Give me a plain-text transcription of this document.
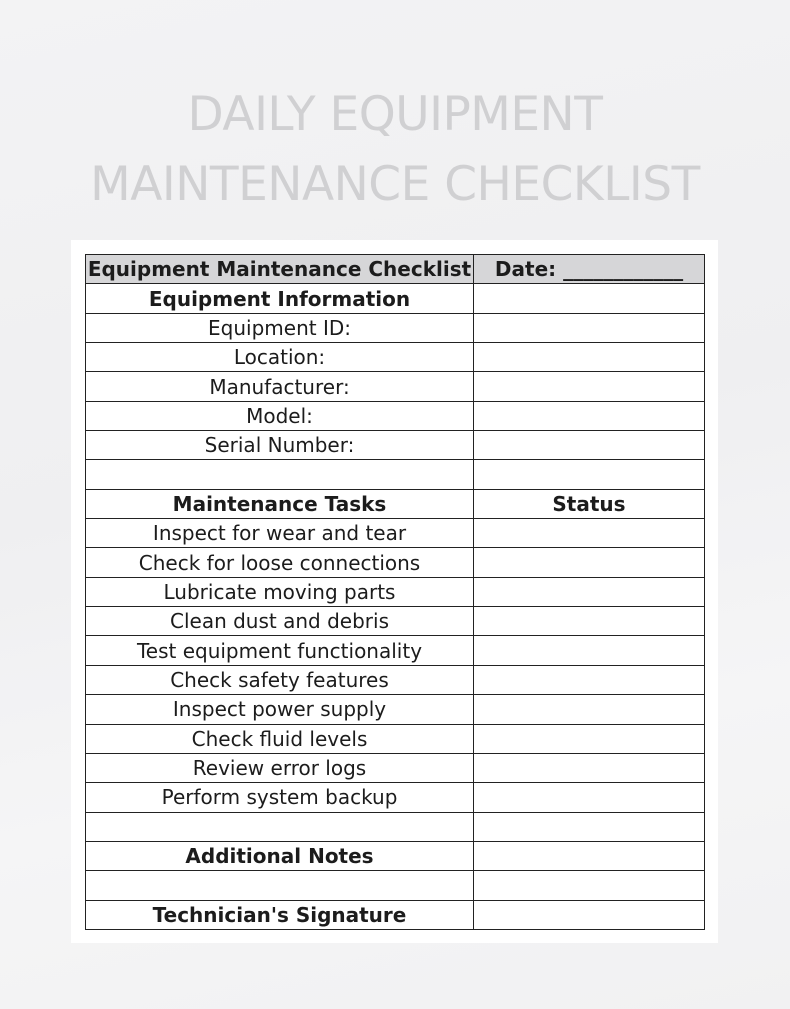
DAILY EQUIPMENT
MAINTENANCE CHECKLIST
Equipment Maintenance Checklist	Date: ____________
Equipment Information	
Equipment ID:	
Location:	
Manufacturer:	
Model:	
Serial Number:	

Maintenance Tasks	Status
Inspect for wear and tear	
Check for loose connections	
Lubricate moving parts	
Clean dust and debris	
Test equipment functionality	
Check safety features	
Inspect power supply	
Check fluid levels	
Review error logs	
Perform system backup	

Additional Notes	

Technician's Signature	
